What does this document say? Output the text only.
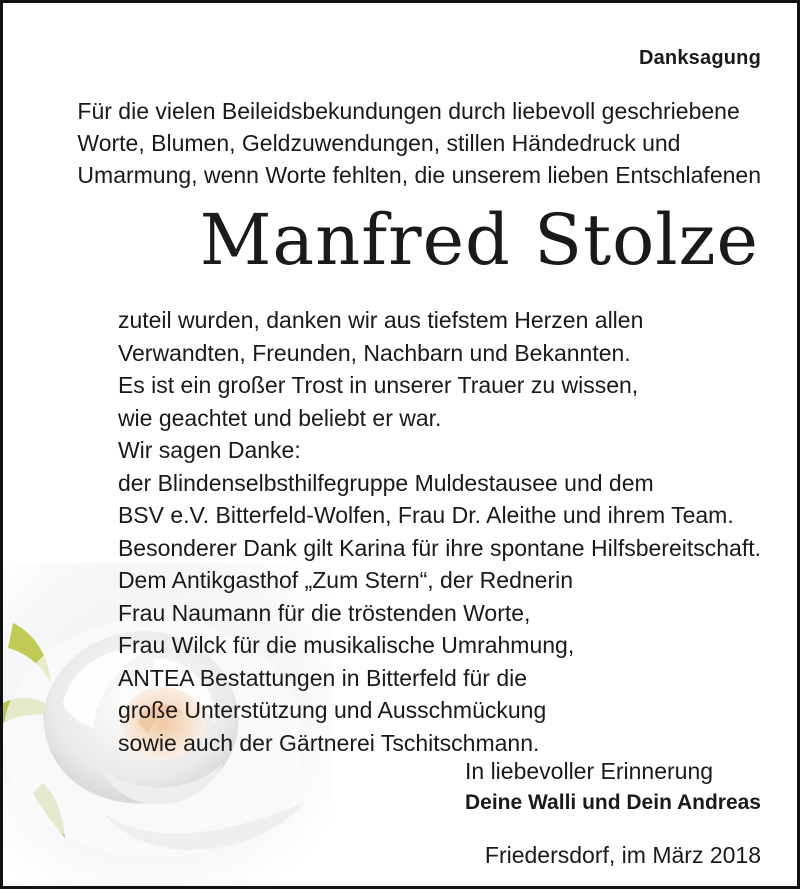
Danksagung
Für die vielen Beileidsbekundungen durch liebevoll geschriebene
Worte, Blumen, Geldzuwendungen, stillen Händedruck und
Umarmung, wenn Worte fehlten, die unserem lieben Entschlafenen
Manfred Stolze
zuteil wurden, danken wir aus tiefstem Herzen allen
Verwandten, Freunden, Nachbarn und Bekannten.
Es ist ein großer Trost in unserer Trauer zu wissen,
wie geachtet und beliebt er war.
Wir sagen Danke:
der Blindenselbsthilfegruppe Muldestausee und dem
BSV e.V. Bitterfeld-Wolfen, Frau Dr. Aleithe und ihrem Team.
Besonderer Dank gilt Karina für ihre spontane Hilfsbereitschaft.
Dem Antikgasthof „Zum Stern“, der Rednerin
Frau Naumann für die tröstenden Worte,
Frau Wilck für die musikalische Umrahmung,
ANTEA Bestattungen in Bitterfeld für die
große Unterstützung und Ausschmückung
sowie auch der Gärtnerei Tschitschmann.
In liebevoller Erinnerung
Deine Walli und Dein Andreas
Friedersdorf, im März 2018
